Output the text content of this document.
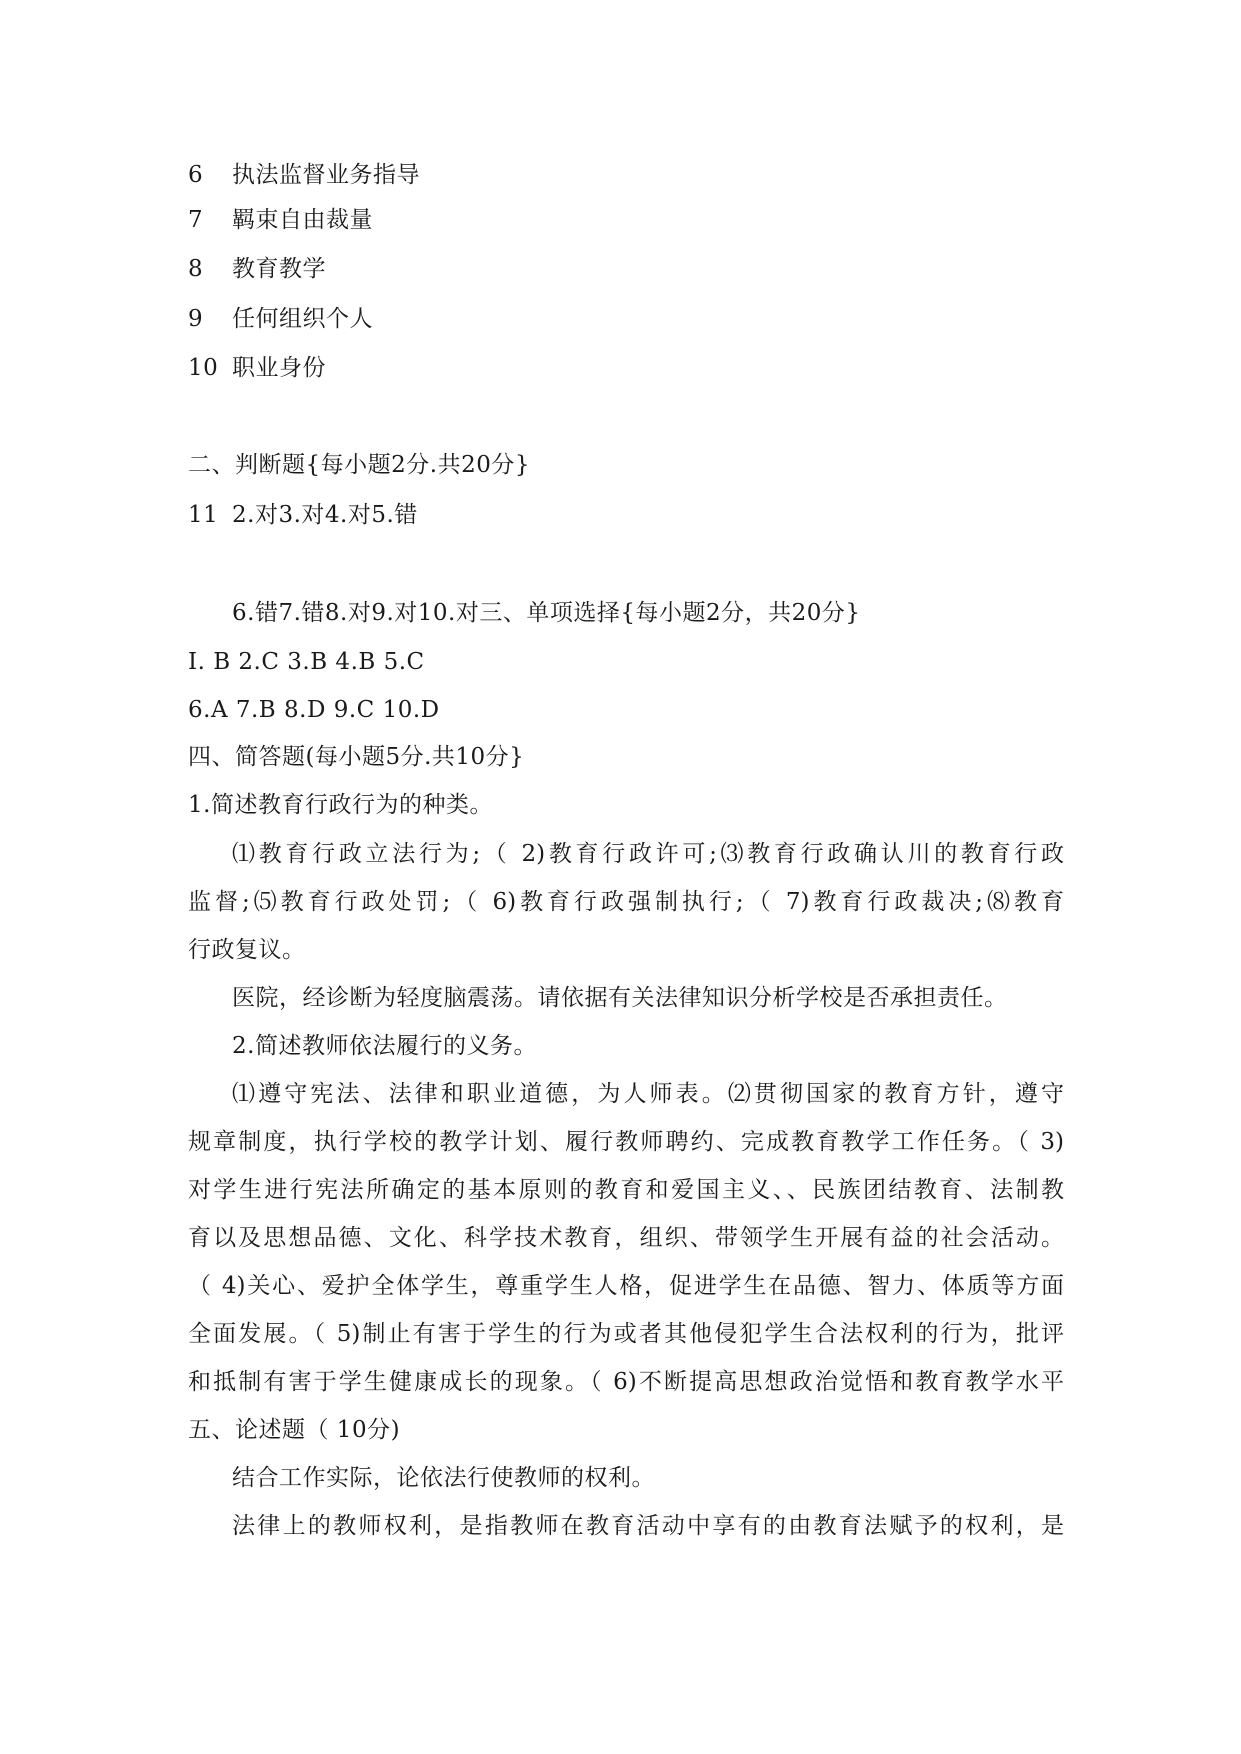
6 执法监督业务指导
7 羁束自由裁量
8 教育教学
9 任何组织个人
10 职业身份
二、判断题{每小题2分.共20分}
11 2.对3.对4.对5.错
6.错7.错8.对9.对10.对三、单项选择{每小题2分，共20分}
I. B 2.C 3.B 4.B 5.C
6.A 7.B 8.D 9.C 10.D
四、简答题(每小题5分.共10分}
1.简述教育行政行为的种类。
⑴教育行政立法行为;（ 2)教育行政许可;⑶教育行政确认川的教育行政
监督;⑸教育行政处罚;（ 6)教育行政强制执行;（ 7)教育行政裁决;⑻教育
行政复议。
医院，经诊断为轻度脑震荡。请依据有关法律知识分析学校是否承担责任。
2.简述教师依法履行的义务。
⑴遵守宪法、法律和职业道德，为人师表。⑵贯彻国家的教育方针，遵守
规章制度，执行学校的教学计划、履行教师聘约、完成教育教学工作任务。（ 3)
对学生进行宪法所确定的基本原则的教育和爱国主义、、民族团结教育、法制教
育以及思想品德、文化、科学技术教育，组织、带领学生开展有益的社会活动。
（ 4)关心、爱护全体学生，尊重学生人格，促进学生在品德、智力、体质等方面
全面发展。（ 5)制止有害于学生的行为或者其他侵犯学生合法权利的行为，批评
和抵制有害于学生健康成长的现象。（ 6)不断提高思想政治觉悟和教育教学水平
五、论述题（ 10分)
结合工作实际，论依法行使教师的权利。
法律上的教师权利，是指教师在教育活动中享有的由教育法赋予的权利，是
